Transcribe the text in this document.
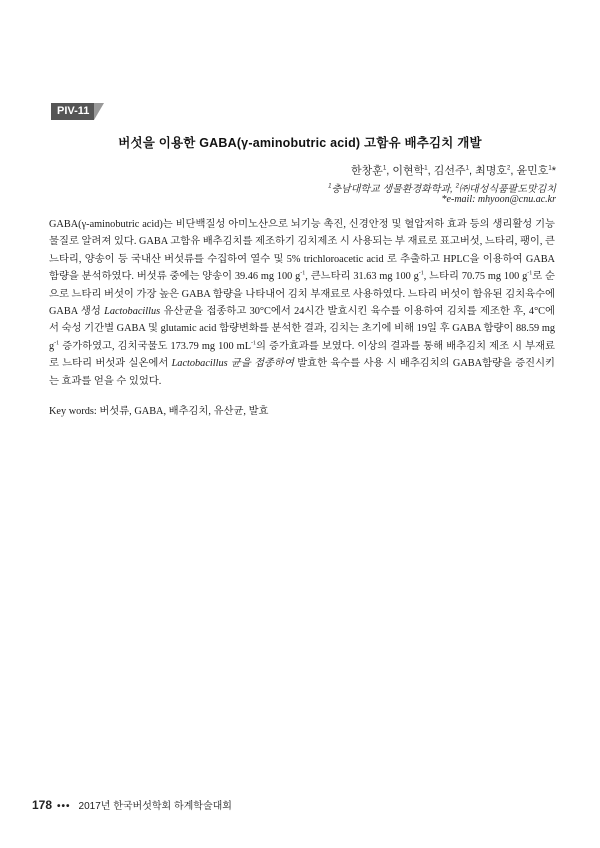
PIV-11
버섯을 이용한 GABA(γ-aminobutric acid) 고함유 배추김치 개발
한창훈$^1$, 이현학$^1$, 김선주$^1$, 최명호$^2$, 윤민호$^1$*
$^1$충남대학교 생물환경화학과, $^2$㈜대성식품팔도맛김치
*e-mail: mhyoon@cnu.ac.kr
GABA(γ-aminobutric acid)는 비단백질성 아미노산으로 뇌기능 촉진, 신경안정 및 혈압저하 효과 등의 생리활성 기능물질로 알려져 있다. GABA 고함유 배추김치를 제조하기 김치제조 시 사용되는 부 재료로 표고버섯, 느타리, 팽이, 큰느타리, 양송이 등 국내산 버섯류를 수집하여 열수 및 5% trichloroacetic acid 로 추출하고 HPLC을 이용하여 GABA 함량을 분석하였다. 버섯류 중에는 양송이 39.46 mg 100 $g^{-1}$, 큰느타리 31.63 mg 100 $g^{-1}$, 느타리 70.75 mg 100 $g^{-1}$로 순으로 느타리 버섯이 가장 높은 GABA 함량을 나타내어 김치 부재료로 사용하였다. 느타리 버섯이 함유된 김치육수에 GABA 생성 Lactobacillus 유산균을 접종하고 30°C에서 24시간 발효시킨 육수를 이용하여 김치를 제조한 후, 4°C에서 숙성 기간별 GABA 및 glutamic acid 함량변화를 분석한 결과, 김치는 초기에 비해 19일 후 GABA 함량이 88.59 mg $g^{-1}$ 증가하였고, 김치국물도 173.79 mg 100 $mL^{-1}$의 증가효과를 보였다. 이상의 결과를 통해 배추김치 제조 시 부재료로 느타리 버섯과 실온에서 Lactobacillus 균을 접종하여 발효한 육수를 사용 시 배추김치의 GABA함량을 증진시키는 효과를 얻을 수 있었다.
Key words: 버섯류, GABA, 배추김치, 유산균, 발효
178 ••• 2017년 한국버섯학회 하계학술대회
